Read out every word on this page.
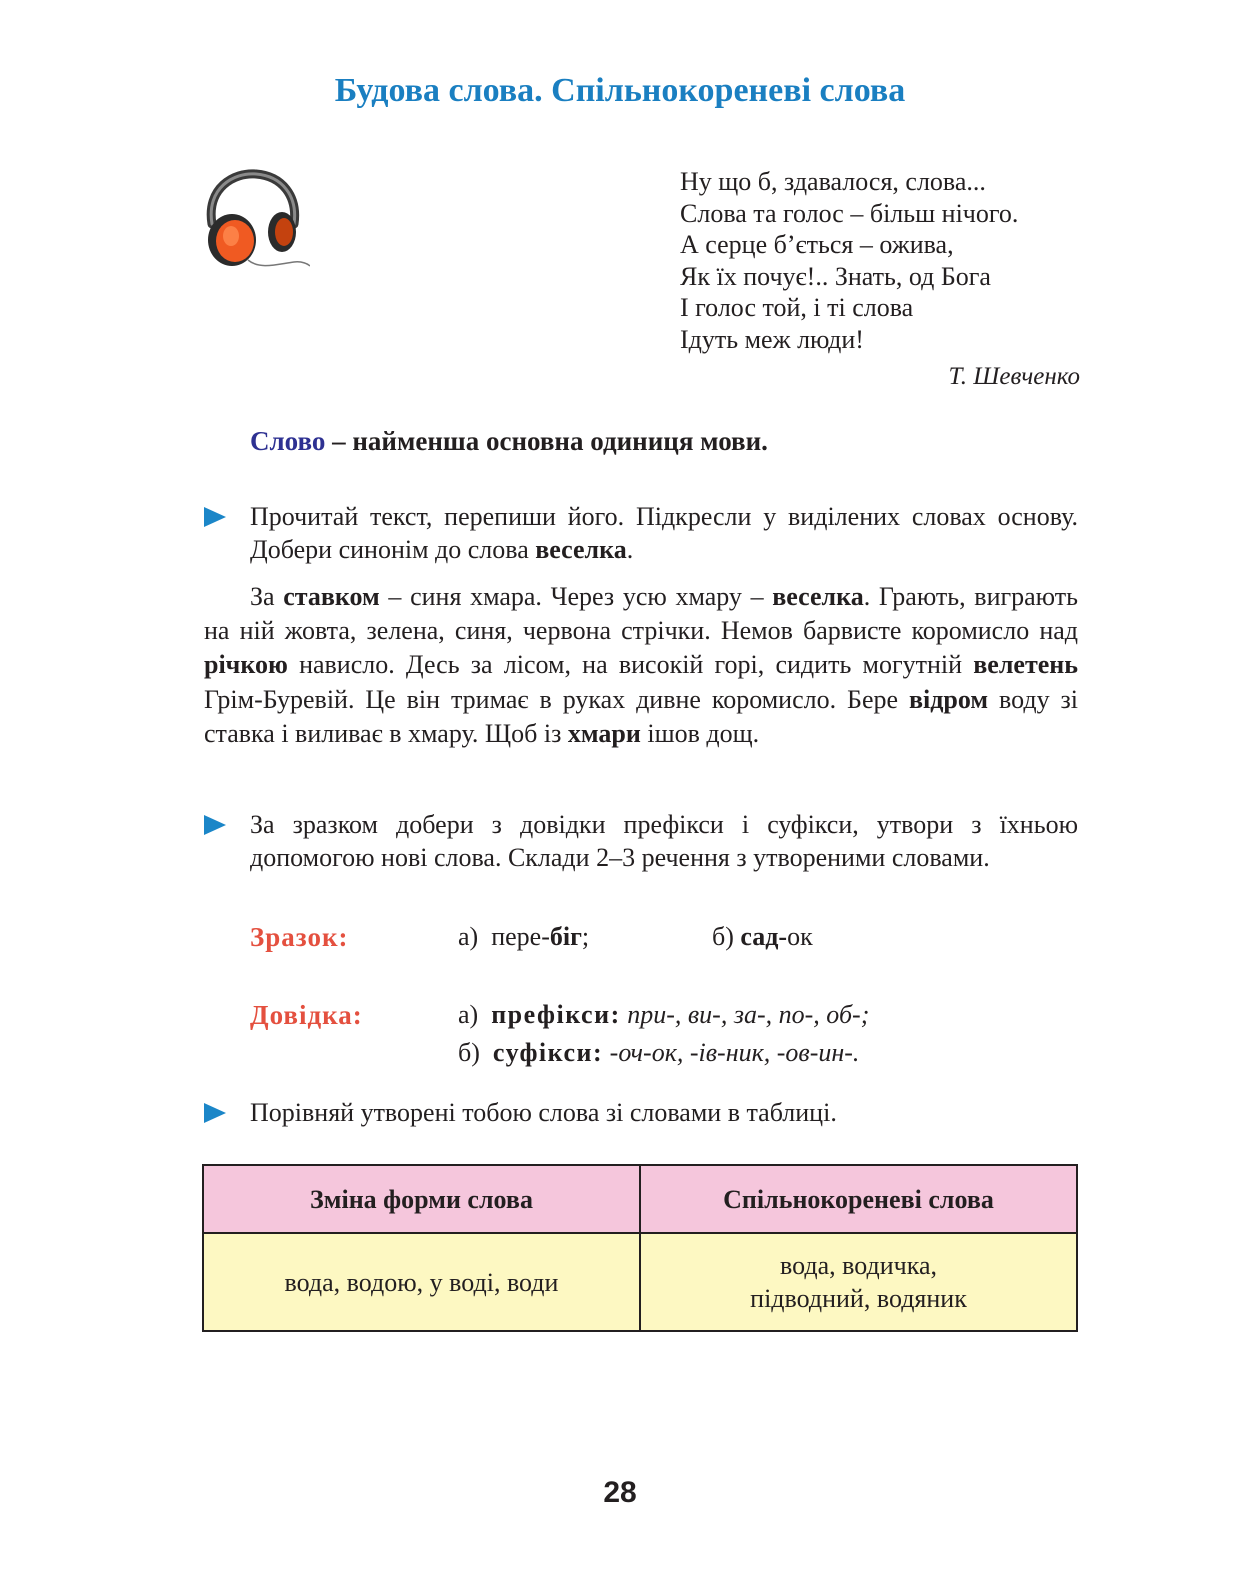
Будова слова. Спільнокореневі слова
Ну що б, здавалося, слова...
Слова та голос – більш нічого.
А серце б’ється – ожива,
Як їх почує!.. Знать, од Бога
І голос той, і ті слова
Ідуть меж люди!
Т. Шевченко
Слово – найменша основна одиниця мови.
Прочитай текст, перепиши його. Підкресли у виділених словах основу. Добери синонім до слова веселка.
За ставком – синя хмара. Через усю хмару – веселка. Грають, виграють на ній жовта, зелена, синя, червона стрічки. Немов барвисте коромисло над річкою нависло. Десь за лісом, на високій горі, сидить могутній велетень Грім-Буревій. Це він тримає в руках дивне коромисло. Бере відром воду зі ставка і виливає в хмару. Щоб із хмари ішов дощ.
За зразком добери з довідки префікси і суфікси, утвори з їхньою допомогою нові слова. Склади 2–3 речення з утвореними словами.
Зразок:	а) пере-біг;	б) сад-ок
Довідка:	а) префікси: при-, ви-, за-, по-, об-;
б) суфікси: -оч-ок, -ів-ник, -ов-ин-.
Порівняй утворені тобою слова зі словами в таблиці.
Зміна форми слова	Спільнокореневі слова
вода, водою, у воді, води	вода, водичка, підводний, водяник
28
